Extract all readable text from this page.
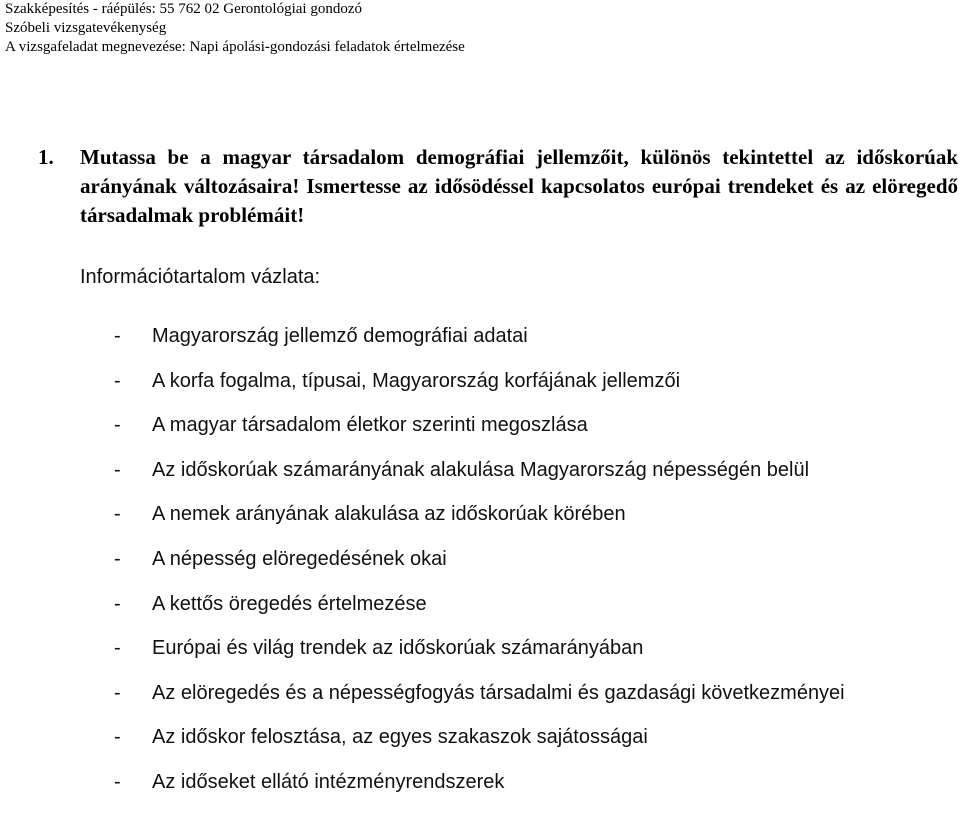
Szakképesítés - ráépülés: 55 762 02 Gerontológiai gondozó
Szóbeli vizsgatevékenység
A vizsgafeladat megnevezése: Napi ápolási-gondozási feladatok értelmezése
1. Mutassa be a magyar társadalom demográfiai jellemzőit, különös tekintettel az időskorúak arányának változásaira! Ismertesse az idősödéssel kapcsolatos európai trendeket és az elöregedő társadalmak problémáit!
Információtartalom vázlata:
-	Magyarország jellemző demográfiai adatai
-	A korfa fogalma, típusai, Magyarország korfájának jellemzői
-	A magyar társadalom életkor szerinti megoszlása
-	Az időskorúak számarányának alakulása Magyarország népességén belül
-	A nemek arányának alakulása az időskorúak körében
-	A népesség elöregedésének okai
-	A kettős öregedés értelmezése
-	Európai és világ trendek az időskorúak számarányában
-	Az elöregedés és a népességfogyás társadalmi és gazdasági következményei
-	Az időskor felosztása, az egyes szakaszok sajátosságai
-	Az időseket ellátó intézményrendszerek
